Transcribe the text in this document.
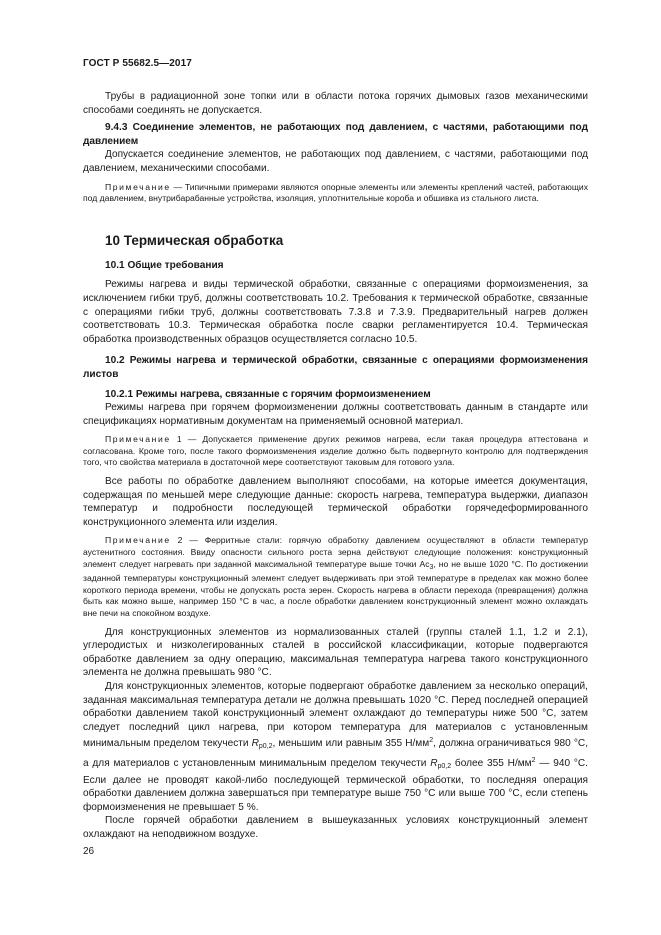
ГОСТ Р 55682.5—2017

Трубы в радиационной зоне топки или в области потока горячих дымовых газов механическими способами соединять не допускается.

9.4.3 Соединение элементов, не работающих под давлением, с частями, работающими под давлением

Допускается соединение элементов, не работающих под давлением, с частями, работающими под давлением, механическими способами.

Примечание — Типичными примерами являются опорные элементы или элементы креплений частей, работающих под давлением, внутрибарабанные устройства, изоляция, уплотнительные короба и обшивка из стального листа.

10 Термическая обработка
10.1 Общие требования

Режимы нагрева и виды термической обработки, связанные с операциями формоизменения, за исключением гибки труб, должны соответствовать 10.2. Требования к термической обработке, связанные с операциями гибки труб, должны соответствовать 7.3.8 и 7.3.9. Предварительный нагрев должен соответствовать 10.3. Термическая обработка после сварки регламентируется 10.4. Термическая обработка производственных образцов осуществляется согласно 10.5.

10.2 Режимы нагрева и термической обработки, связанные с операциями формоизменения листов

10.2.1 Режимы нагрева, связанные с горячим формоизменением

Режимы нагрева при горячем формоизменении должны соответствовать данным в стандарте или спецификациях нормативным документам на применяемый основной материал.

Примечание 1 — Допускается применение других режимов нагрева, если такая процедура аттестована и согласована. Кроме того, после такого формоизменения изделие должно быть подвергнуто контролю для подтверждения того, что свойства материала в достаточной мере соответствуют таковым для готового узла.

Все работы по обработке давлением выполняют способами, на которые имеется документация, содержащая по меньшей мере следующие данные: скорость нагрева, температура выдержки, диапазон температур и подробности последующей термической обработки горячедеформированного конструкционного элемента или изделия.

Примечание 2 — Ферритные стали: горячую обработку давлением осуществляют в области температур аустенитного состояния. Ввиду опасности сильного роста зерна действуют следующие положения: конструкционный элемент следует нагревать при заданной максимальной температуре выше точки $Ac_3$, но не выше 1020 °С. По достижении заданной температуры конструкционный элемент следует выдерживать при этой температуре в пределах как можно более короткого периода времени, чтобы не допускать роста зерен. Скорость нагрева в области перехода (превращения) должна быть как можно выше, например 150 °С в час, а после обработки давлением конструкционный элемент можно охлаждать вне печи на спокойном воздухе.

Для конструкционных элементов из нормализованных сталей (группы сталей 1.1, 1.2 и 2.1), углеродистых и низколегированных сталей в российской классификации, которые подвергаются обработке давлением за одну операцию, максимальная температура нагрева такого конструкционного элемента не должна превышать 980 °С.

Для конструкционных элементов, которые подвергают обработке давлением за несколько операций, заданная максимальная температура детали не должна превышать 1020 °С. Перед последней операцией обработки давлением такой конструкционный элемент охлаждают до температуры ниже 500 °С, затем следует последний цикл нагрева, при котором температура для материалов с установленным минимальным пределом текучести $R_{p0,2}$, меньшим или равным 355 $Н/мм^2$, должна ограничиваться 980 °С, а для материалов с установленным минимальным пределом текучести $R_{p0,2}$ более 355 $Н/мм^2$ — 940 °С. Если далее не проводят какой-либо последующей термической обработки, то последняя операция обработки давлением должна завершаться при температуре выше 750 °С или выше 700 °С, если степень формоизменения не превышает 5 %.

После горячей обработки давлением в вышеуказанных условиях конструкционный элемент охлаждают на неподвижном воздухе.

26
